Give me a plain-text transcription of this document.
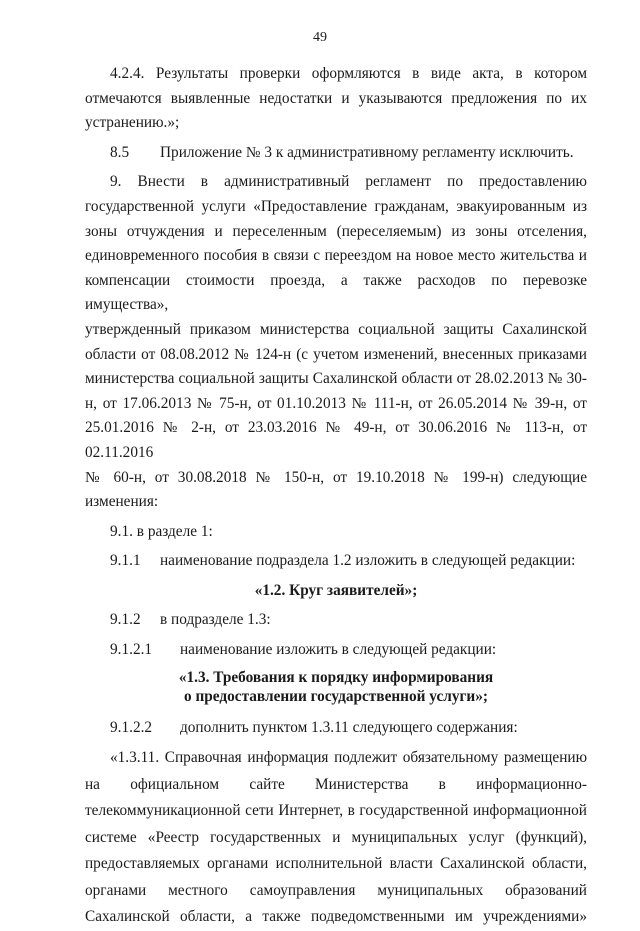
49

4.2.4. Результаты проверки оформляются в виде акта, в котором

отмечаются выявленные недостатки и указываются предложения по их

устранению.»;

8.5	Приложение № 3 к административному регламенту исключить.

9. Внести в административный регламент по предоставлению

государственной услуги «Предоставление гражданам, эвакуированным из

зоны отчуждения и переселенным (переселяемым) из зоны отселения,

единовременного пособия в связи с переездом на новое место жительства и

компенсации стоимости проезда, а также расходов по перевозке имущества»,

утвержденный приказом министерства социальной защиты Сахалинской

области от 08.08.2012 № 124-н (с учетом изменений, внесенных приказами

министерства социальной защиты Сахалинской области от 28.02.2013 № 30-

н, от 17.06.2013 № 75-н, от 01.10.2013 № 111-н, от 26.05.2014 № 39-н, от

25.01.2016 № 2-н, от 23.03.2016 № 49-н, от 30.06.2016 № 113-н, от 02.11.2016

№ 60-н, от 30.08.2018 № 150-н, от 19.10.2018 № 199-н) следующие

изменения:

9.1. в разделе 1:

9.1.1	наименование подраздела 1.2 изложить в следующей редакции:

«1.2. Круг заявителей»;

9.1.2	в подразделе 1.3:
9.1.2.1	наименование изложить в следующей редакции:

«1.3. Требования к порядку информирования

о предоставлении государственной услуги»;

9.1.2.2	дополнить пунктом 1.3.11 следующего содержания:

«1.3.11. Справочная информация подлежит обязательному размещению

на официальном сайте Министерства в информационно-

телекоммуникационной сети Интернет, в государственной информационной

системе «Реестр государственных и муниципальных услуг (функций),

предоставляемых органами исполнительной власти Сахалинской области,

органами местного самоуправления муниципальных образований

Сахалинской области, а также подведомственными им учреждениями»
